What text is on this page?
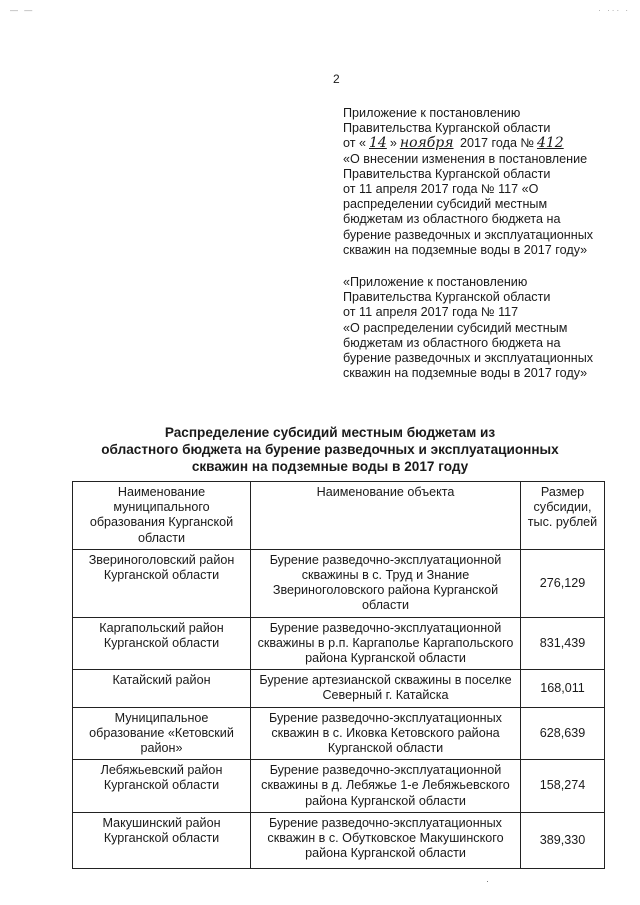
— —	· ··· ·
2
Приложение к постановлению
Правительства Курганской области
от « 14 » ноября 2017 года № 412
«О внесении изменения в постановление
Правительства Курганской области
от 11 апреля 2017 года № 117 «О
распределении субсидий местным
бюджетам из областного бюджета на
бурение разведочных и эксплуатационных
скважин на подземные воды в 2017 году»
«Приложение к постановлению
Правительства Курганской области
от 11 апреля 2017 года № 117
«О распределении субсидий местным
бюджетам из областного бюджета на
бурение разведочных и эксплуатационных
скважин на подземные воды в 2017 году»
Распределение субсидий местным бюджетам из
областного бюджета на бурение разведочных и эксплуатационных
скважин на подземные воды в 2017 году
Наименование муниципального образования Курганской области	Наименование объекта	Размер субсидии, тыс. рублей
Звериноголовский район Курганской области	Бурение разведочно-эксплуатационной скважины в с. Труд и Знание Звериноголовского района Курганской области	276,129
Каргапольский район Курганской области	Бурение разведочно-эксплуатационной скважины в р.п. Каргаполье Каргапольского района Курганской области	831,439
Катайский район	Бурение артезианской скважины в поселке Северный г. Катайска	168,011
Муниципальное образование «Кетовский район»	Бурение разведочно-эксплуатационных скважин в с. Иковка Кетовского района Курганской области	628,639
Лебяжьевский район Курганской области	Бурение разведочно-эксплуатационной скважины в д. Лебяжье 1-е Лебяжьевского района Курганской области	158,274
Макушинский район Курганской области	Бурение разведочно-эксплуатационных скважин в с. Обутковское Макушинского района Курганской области	389,330
·
